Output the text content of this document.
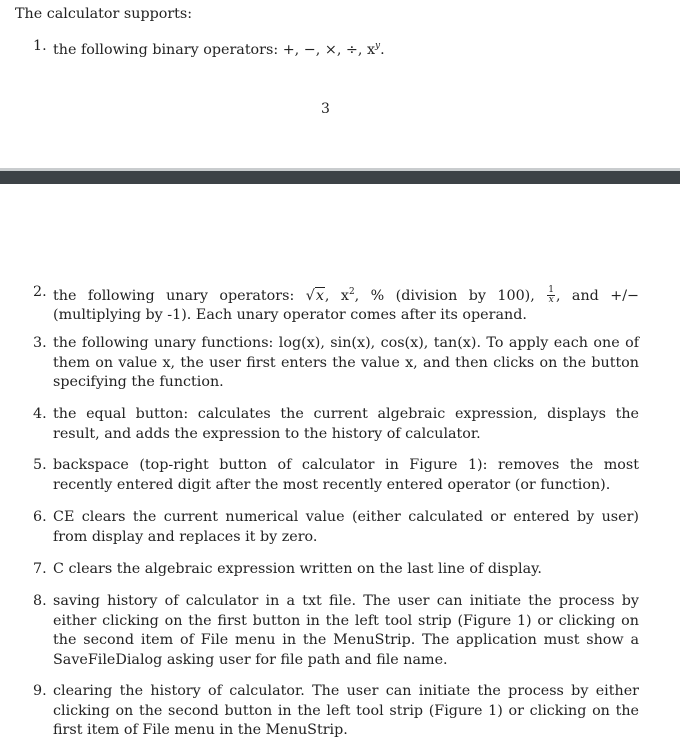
The calculator supports:
1. the following binary operators: +, −, ×, ÷, $x^y$.
3
2. the following unary operators: √x, $x^2$, % (division by 100), $\frac{1}{x}$ , and +/− (multiplying by -1). Each unary operator comes after its operand.
3. the following unary functions: log(x), sin(x), cos(x), tan(x). To apply each one of them on value x, the user first enters the value x, and then clicks on the button specifying the function.
4. the equal button: calculates the current algebraic expression, displays the result, and adds the expression to the history of calculator.
5. backspace (top-right button of calculator in Figure 1): removes the most recently entered digit after the most recently entered operator (or function).
6. CE clears the current numerical value (either calculated or entered by user) from display and replaces it by zero.
7. C clears the algebraic expression written on the last line of display.
8. saving history of calculator in a txt file. The user can initiate the process by either clicking on the first button in the left tool strip (Figure 1) or clicking on the second item of File menu in the MenuStrip. The application must show a SaveFileDialog asking user for file path and file name.
9. clearing the history of calculator. The user can initiate the process by either clicking on the second button in the left tool strip (Figure 1) or clicking on the first item of File menu in the MenuStrip.
